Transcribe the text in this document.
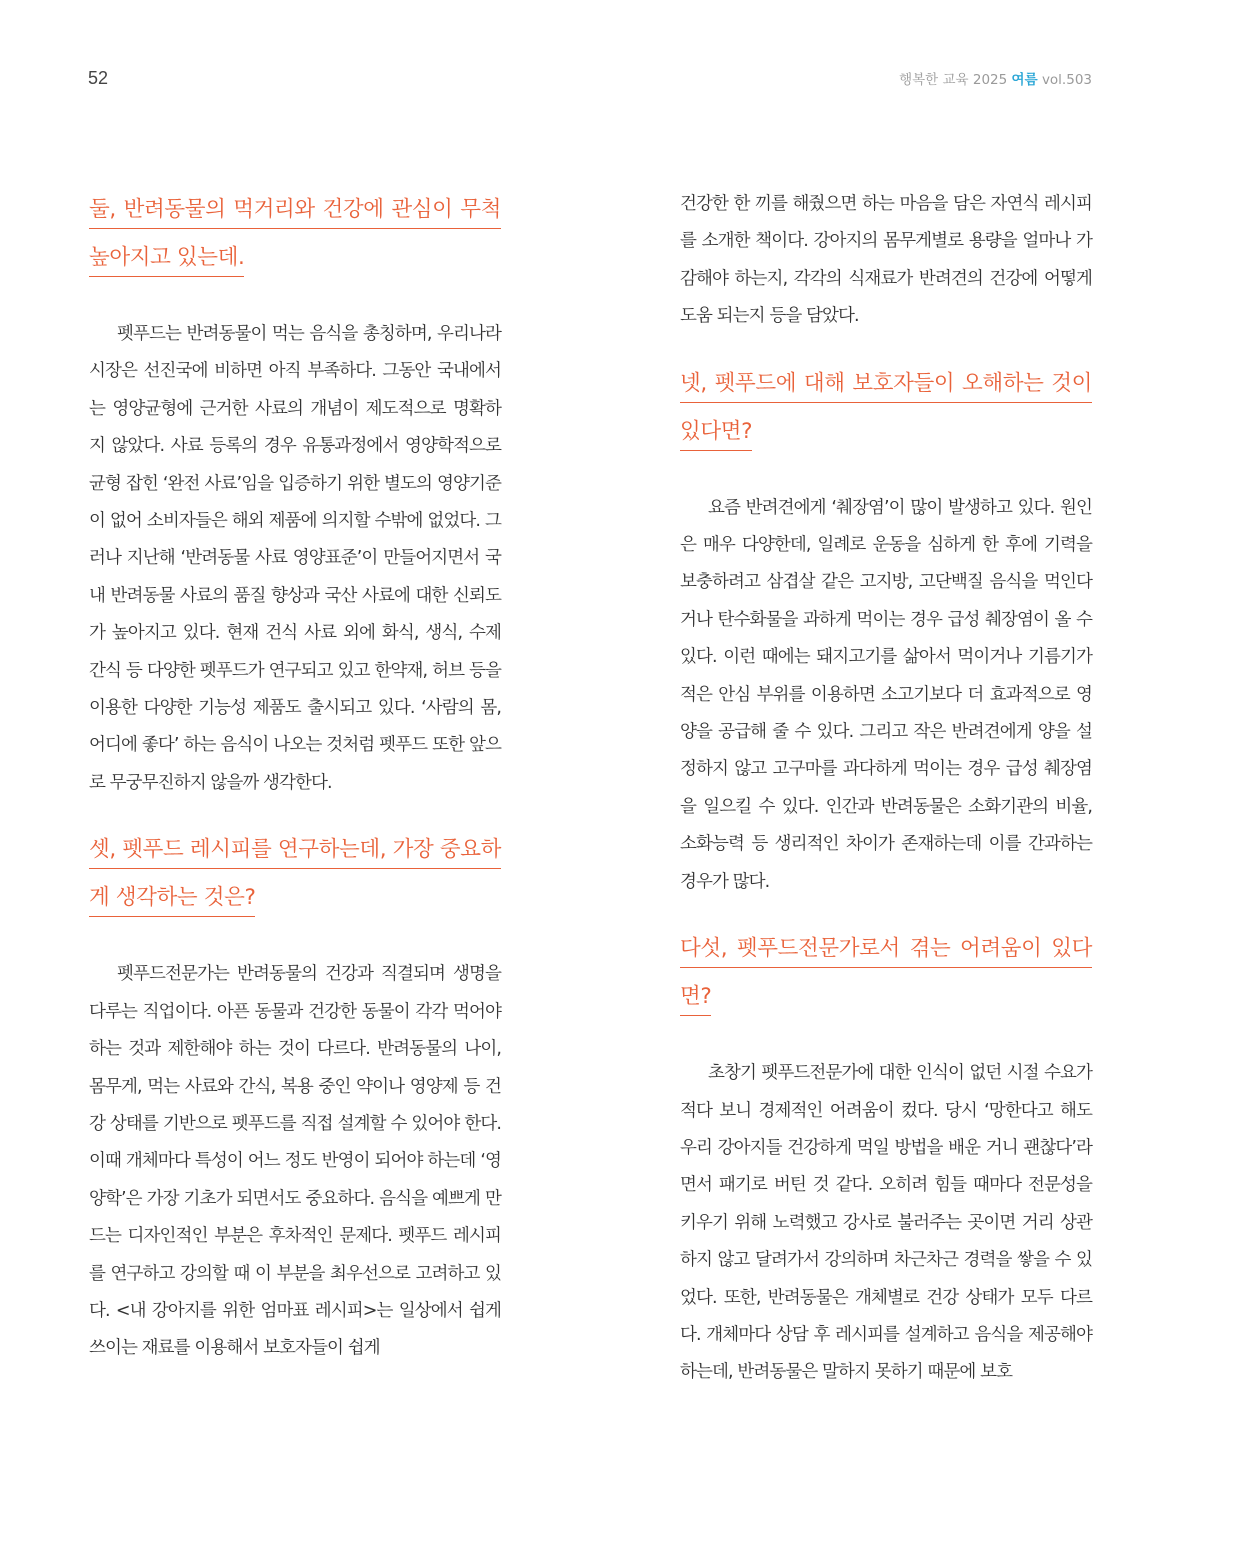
52	행복한 교육 2025 여름 vol.503
둘, 반려동물의 먹거리와 건강에 관심이 무척 높아지고 있는데.

펫푸드는 반려동물이 먹는 음식을 총칭하며, 우리나라 시장은 선진국에 비하면 아직 부족하다. 그동안 국내에서는 영양균형에 근거한 사료의 개념이 제도적으로 명확하지 않았다. 사료 등록의 경우 유통과정에서 영양학적으로 균형 잡힌 ‘완전 사료’임을 입증하기 위한 별도의 영양기준이 없어 소비자들은 해외 제품에 의지할 수밖에 없었다. 그러나 지난해 ‘반려동물 사료 영양표준’이 만들어지면서 국내 반려동물 사료의 품질 향상과 국산 사료에 대한 신뢰도가 높아지고 있다. 현재 건식 사료 외에 화식, 생식, 수제 간식 등 다양한 펫푸드가 연구되고 있고 한약재, 허브 등을 이용한 다양한 기능성 제품도 출시되고 있다. ‘사람의 몸, 어디에 좋다’ 하는 음식이 나오는 것처럼 펫푸드 또한 앞으로 무궁무진하지 않을까 생각한다.

셋, 펫푸드 레시피를 연구하는데, 가장 중요하게 생각하는 것은?

펫푸드전문가는 반려동물의 건강과 직결되며 생명을 다루는 직업이다. 아픈 동물과 건강한 동물이 각각 먹어야 하는 것과 제한해야 하는 것이 다르다. 반려동물의 나이, 몸무게, 먹는 사료와 간식, 복용 중인 약이나 영양제 등 건강 상태를 기반으로 펫푸드를 직접 설계할 수 있어야 한다. 이때 개체마다 특성이 어느 정도 반영이 되어야 하는데 ‘영양학’은 가장 기초가 되면서도 중요하다. 음식을 예쁘게 만드는 디자인적인 부분은 후차적인 문제다. 펫푸드 레시피를 연구하고 강의할 때 이 부분을 최우선으로 고려하고 있다. <내 강아지를 위한 엄마표 레시피>는 일상에서 쉽게 쓰이는 재료를 이용해서 보호자들이 쉽게

건강한 한 끼를 해줬으면 하는 마음을 담은 자연식 레시피를 소개한 책이다. 강아지의 몸무게별로 용량을 얼마나 가감해야 하는지, 각각의 식재료가 반려견의 건강에 어떻게 도움 되는지 등을 담았다.

넷, 펫푸드에 대해 보호자들이 오해하는 것이 있다면?

요즘 반려견에게 ‘췌장염’이 많이 발생하고 있다. 원인은 매우 다양한데, 일례로 운동을 심하게 한 후에 기력을 보충하려고 삼겹살 같은 고지방, 고단백질 음식을 먹인다거나 탄수화물을 과하게 먹이는 경우 급성 췌장염이 올 수 있다. 이런 때에는 돼지고기를 삶아서 먹이거나 기름기가 적은 안심 부위를 이용하면 소고기보다 더 효과적으로 영양을 공급해 줄 수 있다. 그리고 작은 반려견에게 양을 설정하지 않고 고구마를 과다하게 먹이는 경우 급성 췌장염을 일으킬 수 있다. 인간과 반려동물은 소화기관의 비율, 소화능력 등 생리적인 차이가 존재하는데 이를 간과하는 경우가 많다.

다섯, 펫푸드전문가로서 겪는 어려움이 있다면?

초창기 펫푸드전문가에 대한 인식이 없던 시절 수요가 적다 보니 경제적인 어려움이 컸다. 당시 ‘망한다고 해도 우리 강아지들 건강하게 먹일 방법을 배운 거니 괜찮다’라면서 패기로 버틴 것 같다. 오히려 힘들 때마다 전문성을 키우기 위해 노력했고 강사로 불러주는 곳이면 거리 상관하지 않고 달려가서 강의하며 차근차근 경력을 쌓을 수 있었다. 또한, 반려동물은 개체별로 건강 상태가 모두 다르다. 개체마다 상담 후 레시피를 설계하고 음식을 제공해야 하는데, 반려동물은 말하지 못하기 때문에 보호
